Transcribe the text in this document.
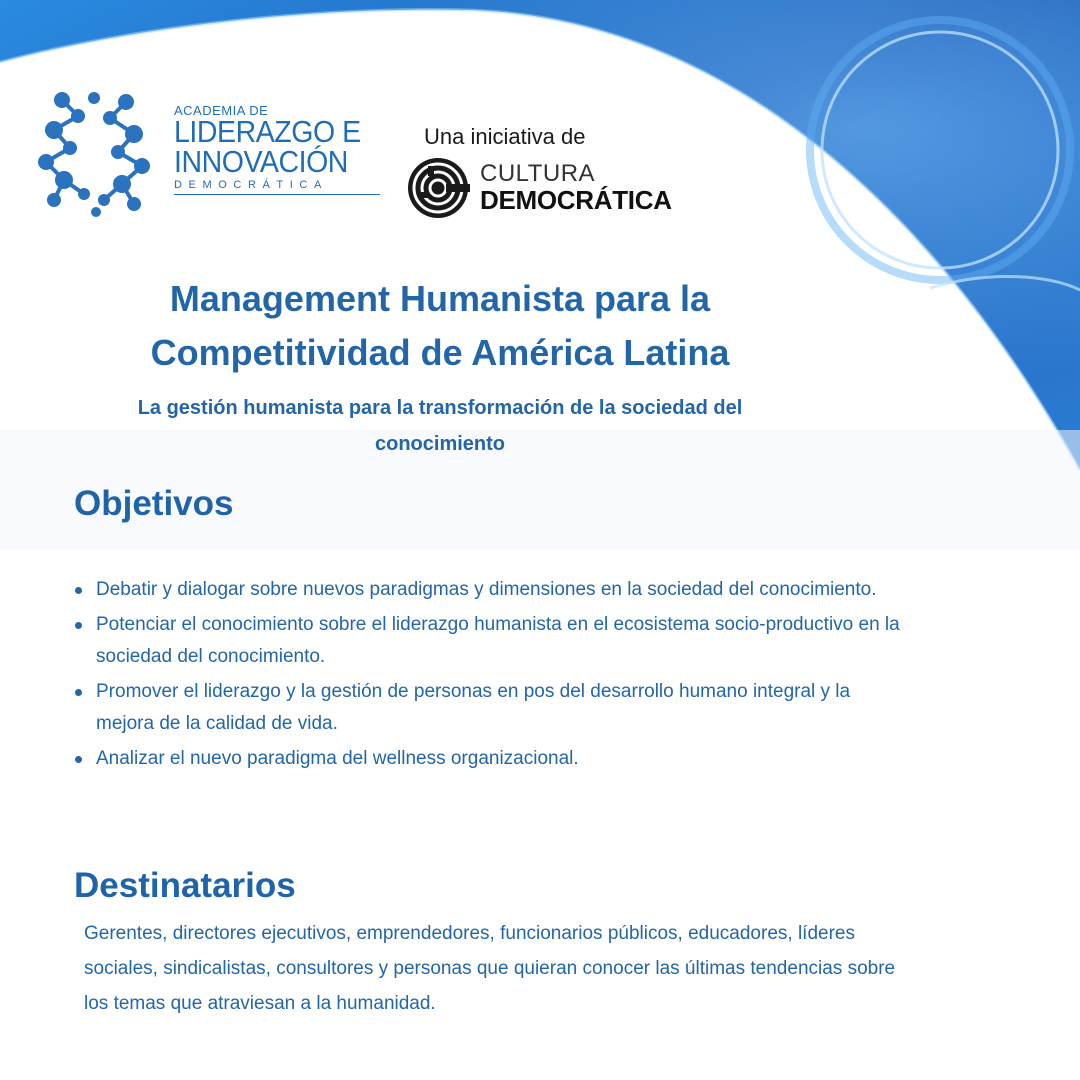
ACADEMIA DE
LIDERAZGO E
INNOVACIÓN
DEMOCRÁTICA
Una iniciativa de
CULTURA
DEMOCRÁTICA
Management Humanista para la
Competitividad de América Latina
La gestión humanista para la transformación de la sociedad del
conocimiento
Objetivos
Debatir y dialogar sobre nuevos paradigmas y dimensiones en la sociedad del conocimiento.
Potenciar el conocimiento sobre el liderazgo humanista en el ecosistema socio-productivo en la sociedad del conocimiento.
Promover el liderazgo y la gestión de personas en pos del desarrollo humano integral y la mejora de la calidad de vida.
Analizar el nuevo paradigma del wellness organizacional.
Destinatarios

Gerentes, directores ejecutivos, emprendedores, funcionarios públicos, educadores, líderes sociales, sindicalistas, consultores y personas que quieran conocer las últimas tendencias sobre los temas que atraviesan a la humanidad.
